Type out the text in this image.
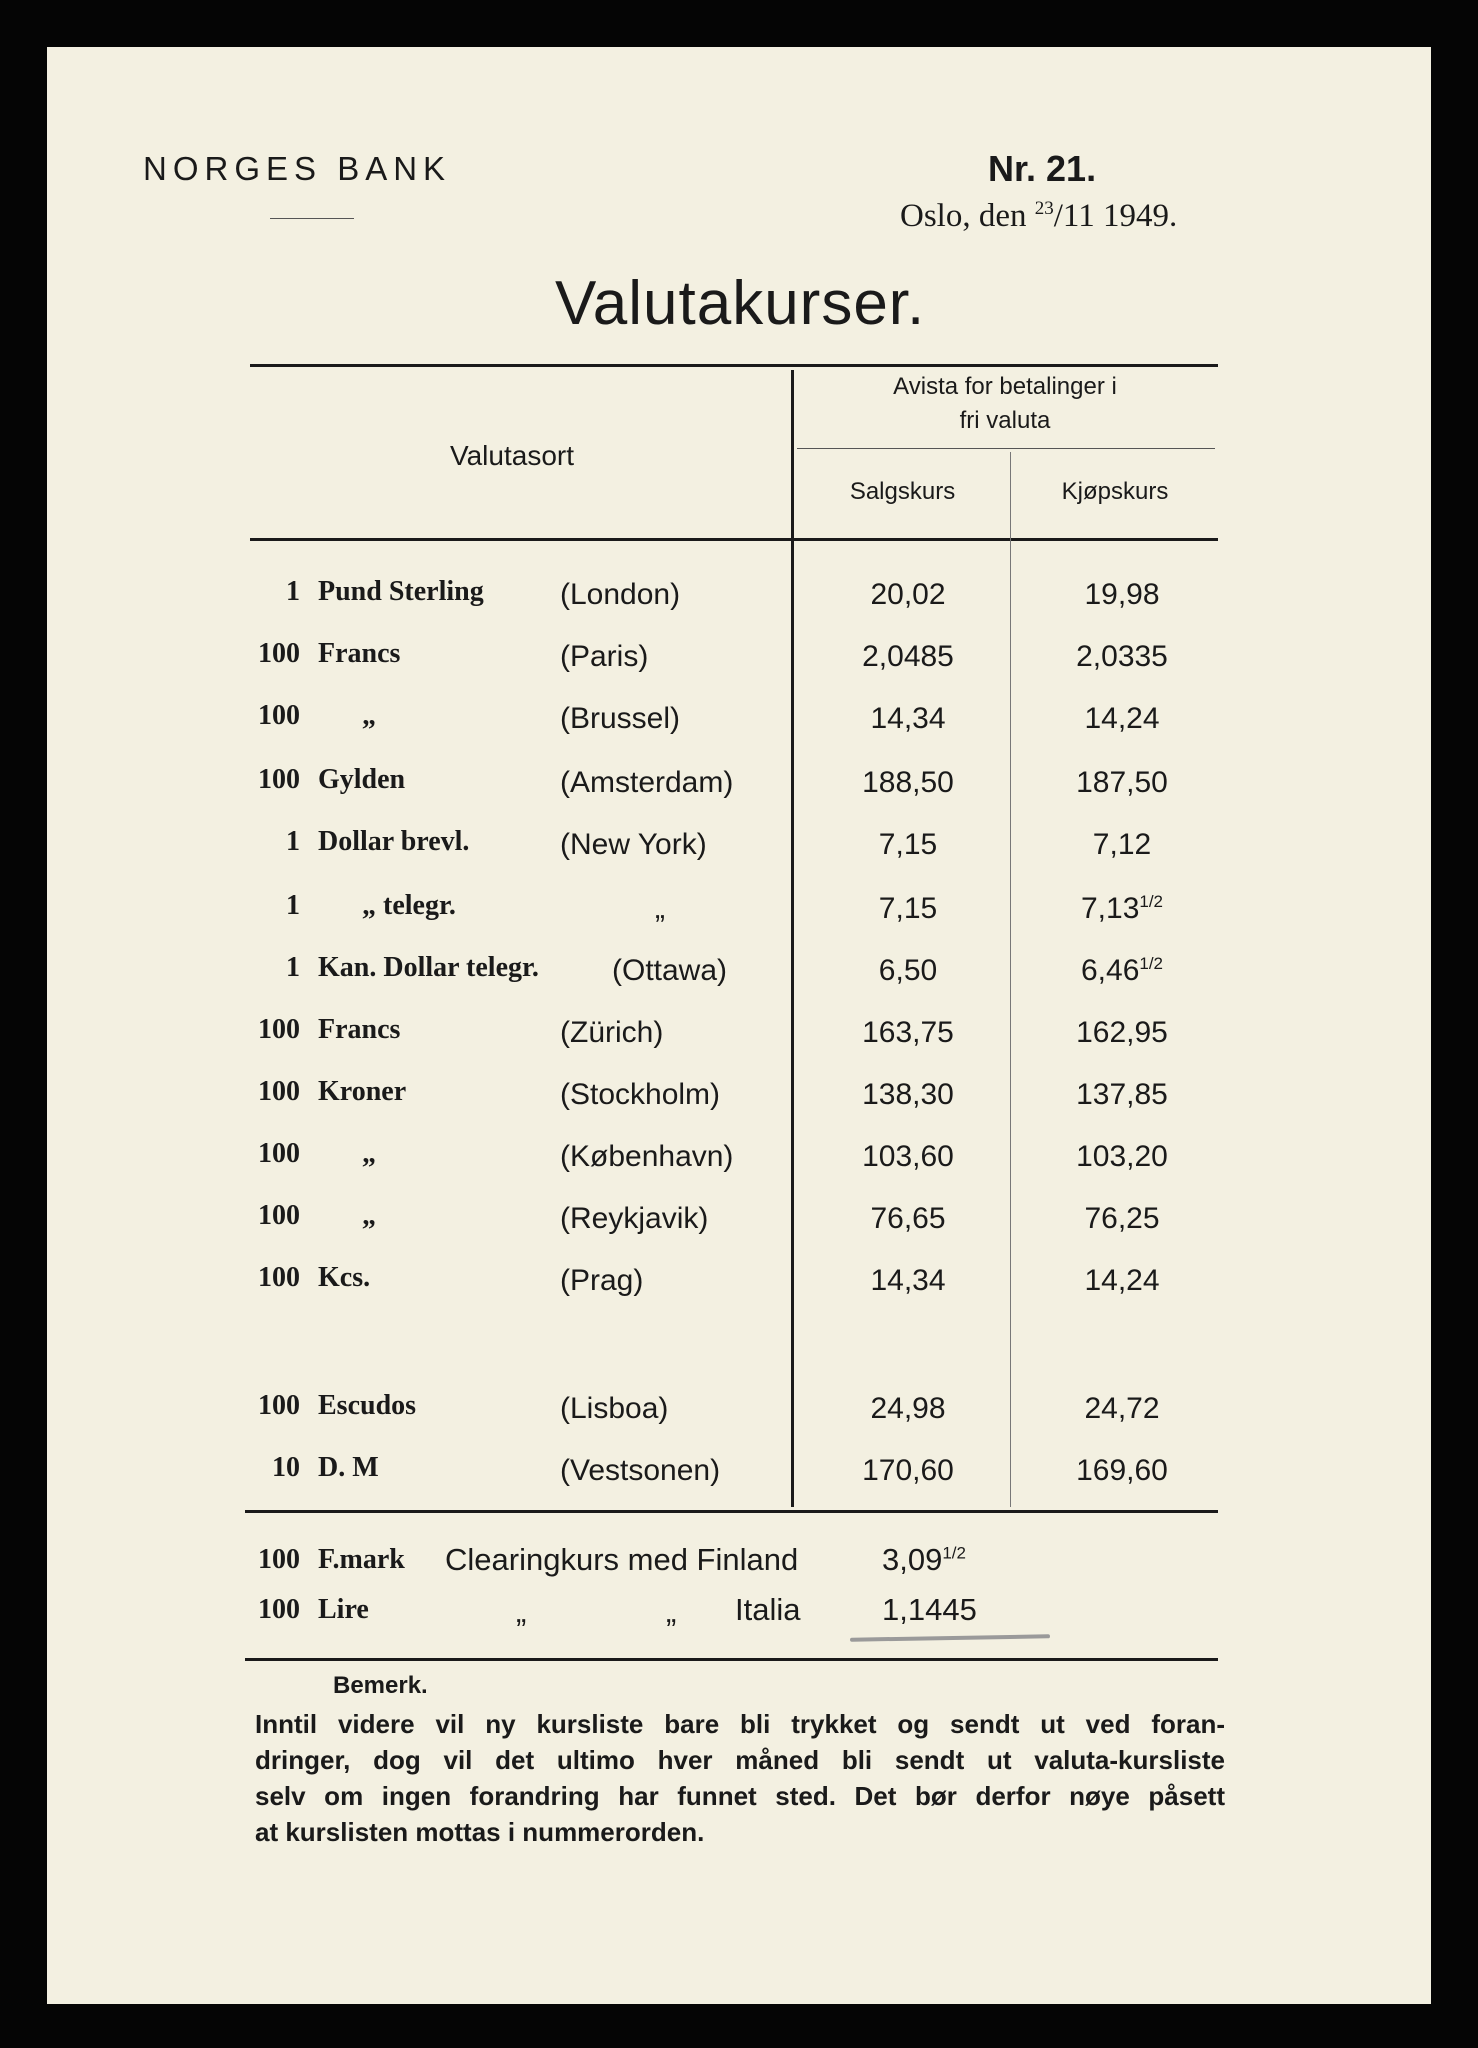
NORGES BANK	Nr. 21.
Oslo, den $^{23}$/11 1949.
Valutakurser.
Valutasort
Avista for betalinger i
fri valuta
Salgskurs	Kjøpskurs
1 Pund Sterling	(London)	20,02	19,98
100 Francs	(Paris)	2,0485	2,0335
100 „	(Brussel)	14,34	14,24
100 Gylden	(Amsterdam)	188,50	187,50
1 Dollar brevl.	(New York)	7,15	7,12
1 „ telegr.	„	7,15	$7,13^{1/2}$
1 Kan. Dollar telegr. (Ottawa)	6,50	$6,46^{1/2}$
100 Francs	(Zürich)	163,75	162,95
100 Kroner	(Stockholm)	138,30	137,85
100 „	(København)	103,60	103,20
100 „	(Reykjavik)	76,65	76,25
100 Kcs.	(Prag)	14,34	14,24
100 Escudos	(Lisboa)	24,98	24,72
10 D. M	(Vestsonen)	170,60	169,60
100 F.mark Clearingkurs med Finland	$3,09^{1/2}$
100 Lire	„	„ Italia	1,1445
Bemerk.
Inntil videre vil ny kursliste bare bli trykket og sendt ut ved foran-
dringer, dog vil det ultimo hver måned bli sendt ut valuta-kursliste
selv om ingen forandring har funnet sted. Det bør derfor nøye påsett
at kurslisten mottas i nummerorden.
